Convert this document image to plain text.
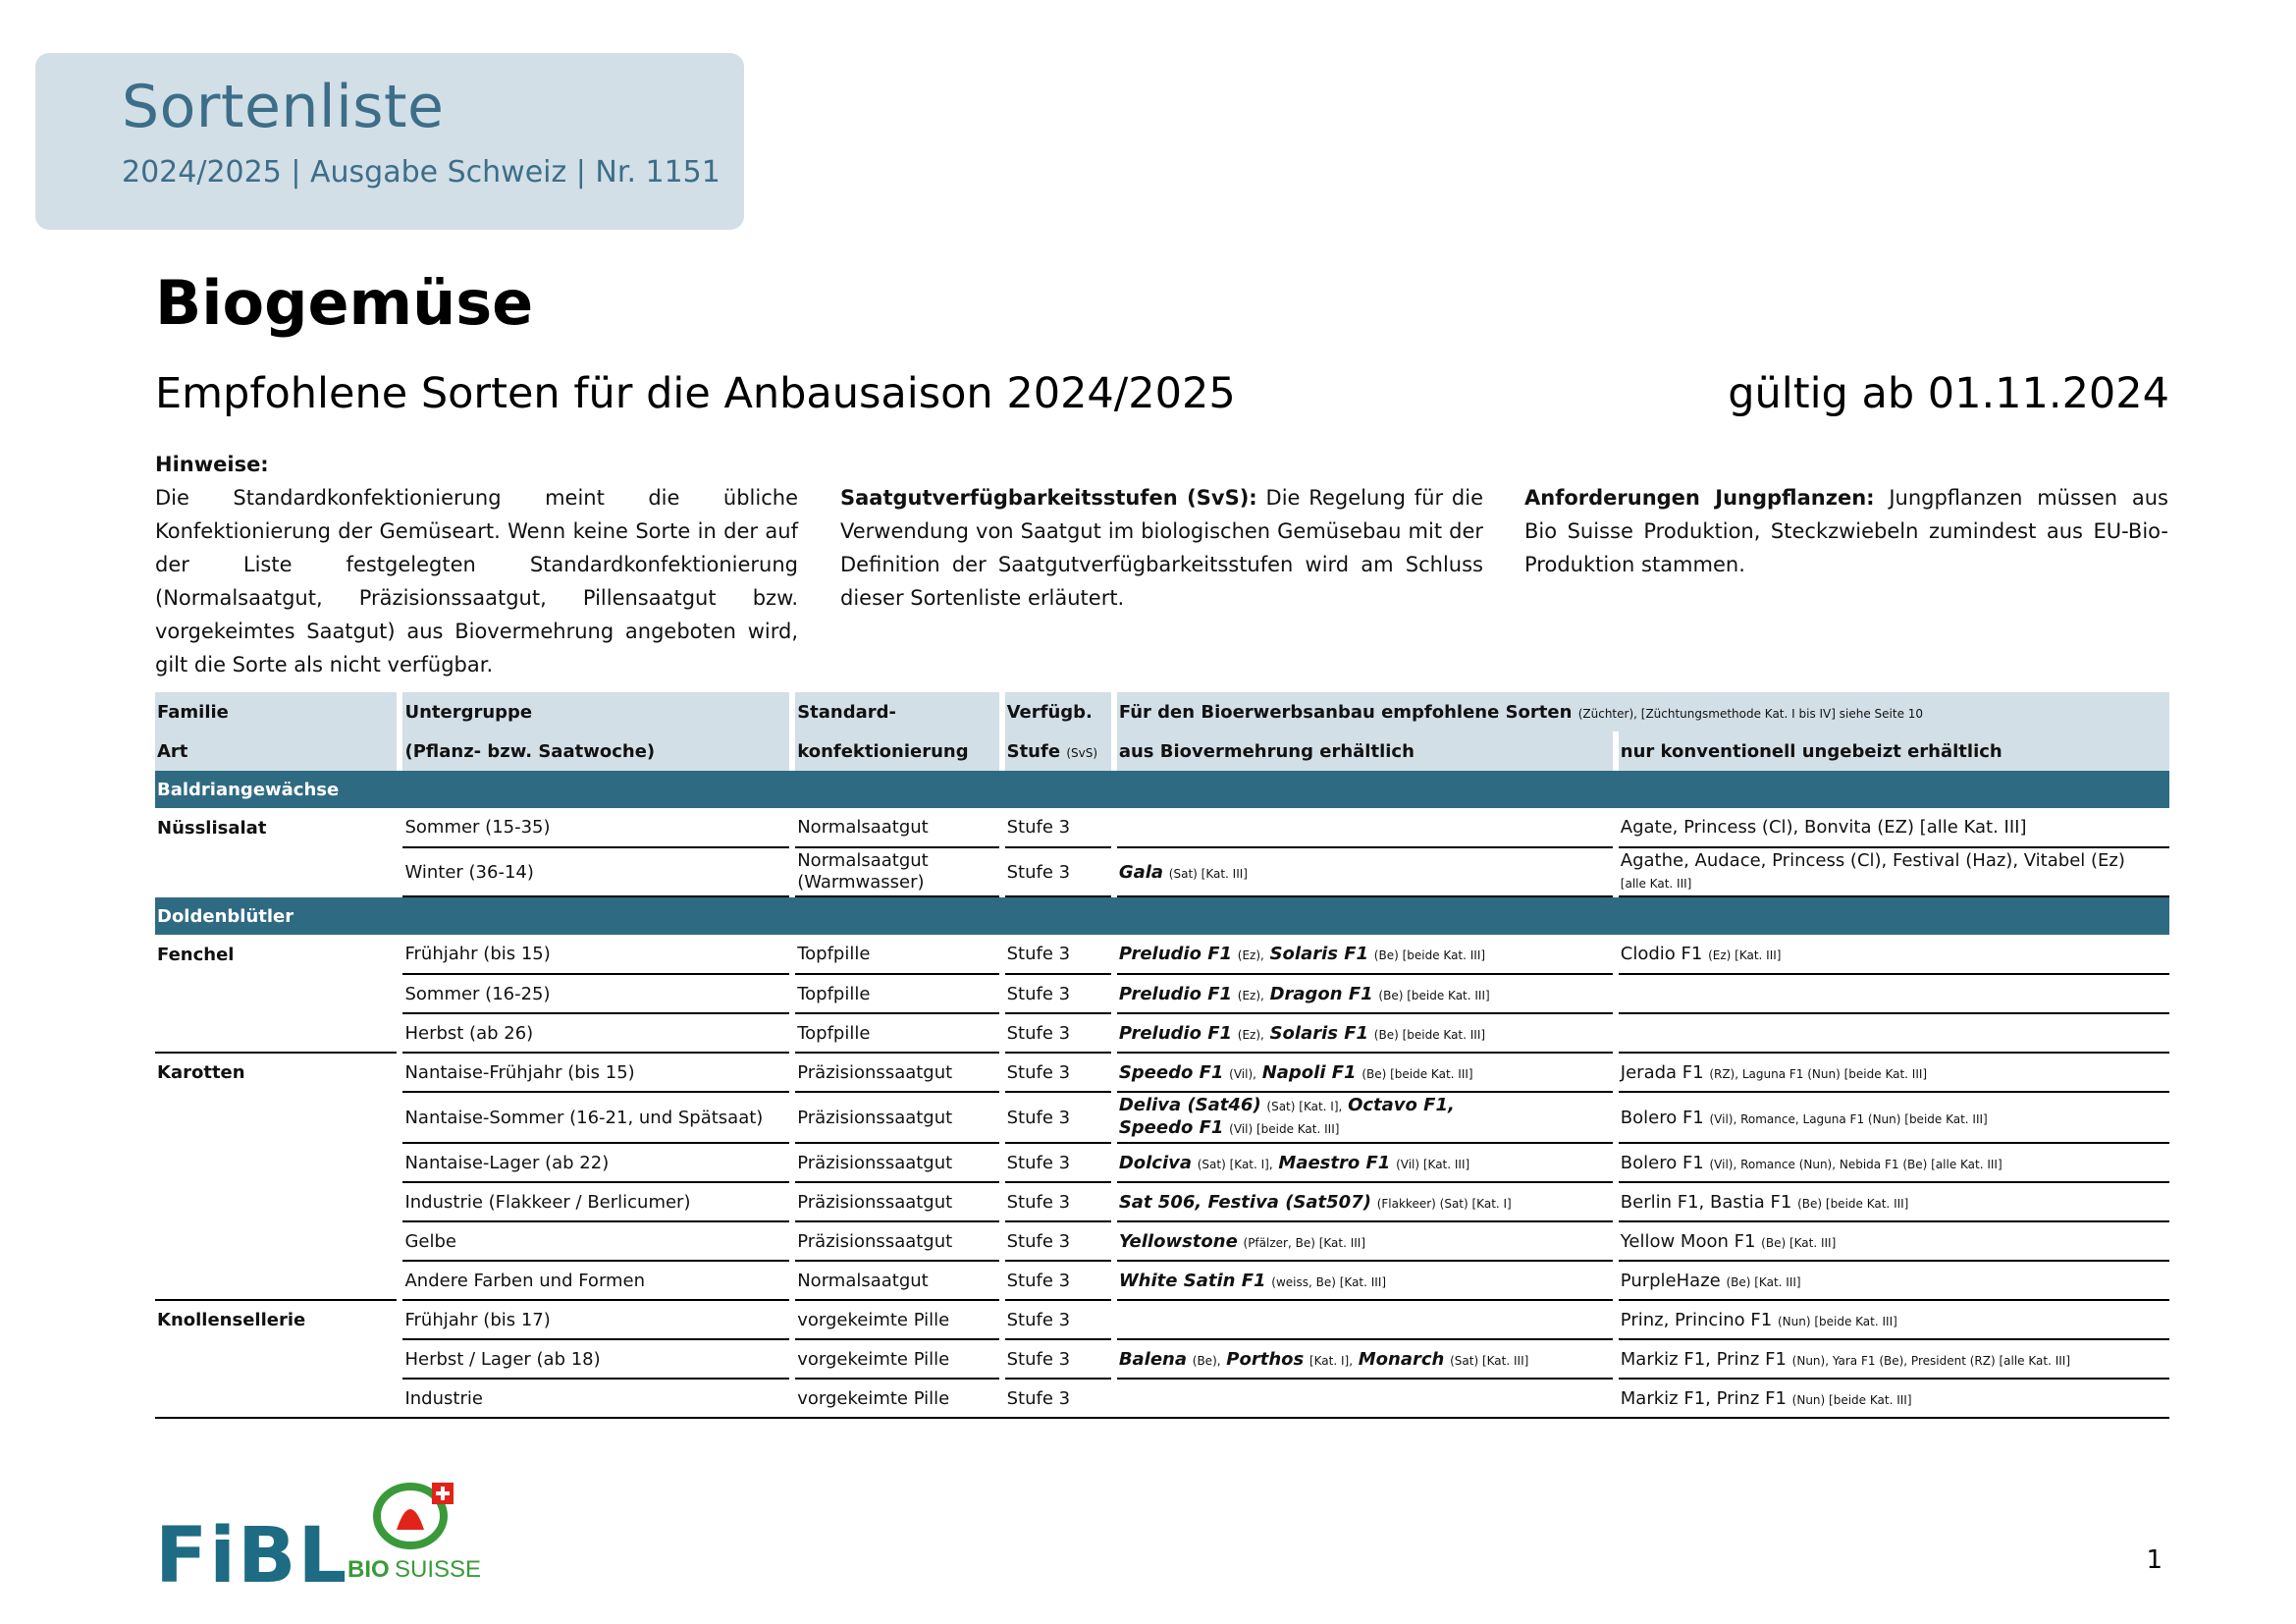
Sortenliste
2024/2025 | Ausgabe Schweiz | Nr. 1151
Biogemüse
Empfohlene Sorten für die Anbausaison 2024/2025	gültig ab 01.11.2024
Hinweise:
Die Standardkonfektionierung meint die übliche Konfektionierung der Gemüseart. Wenn keine Sorte in der auf der Liste festgelegten Standardkonfektionierung (Normalsaatgut, Präzisionssaatgut, Pillensaatgut bzw. vorgekeimtes Saatgut) aus Biovermehrung angeboten wird, gilt die Sorte als nicht verfügbar.
Saatgutverfügbarkeitsstufen (SvS): Die Regelung für die Verwendung von Saatgut im biologischen Gemüsebau mit der Definition der Saatgutverfügbarkeitsstufen wird am Schluss dieser Sortenliste erläutert.
Anforderungen Jungpflanzen: Jungpflanzen müssen aus Bio Suisse Produktion, Steckzwiebeln zumindest aus EU-Bio-Produktion stammen.
Familie		Untergruppe		Standard-		Verfügb.		Für den Bioerwerbsanbau empfohlene Sorten (Züchter), [Züchtungsmethode Kat. I bis IV] siehe Seite 10		
Art		(Pflanz- bzw. Saatwoche)		konfektionierung		Stufe (SvS)		aus Biovermehrung erhältlich		nur konventionell ungebeizt erhältlich
Baldriangewächse										
Nüsslisalat		Sommer (15-35)		Normalsaatgut		Stufe 3				Agate, Princess (Cl), Bonvita (EZ) [alle Kat. III]
		Winter (36-14)		Normalsaatgut (Warmwasser)		Stufe 3		Gala (Sat) [Kat. III]		Agathe, Audace, Princess (Cl), Festival (Haz), Vitabel (Ez)
[alle Kat. III]
Doldenblütler										
Fenchel		Frühjahr (bis 15)		Topfpille		Stufe 3		Preludio F1 (Ez), Solaris F1 (Be) [beide Kat. III]		Clodio F1 (Ez) [Kat. III]
		Sommer (16-25)		Topfpille		Stufe 3		Preludio F1 (Ez), Dragon F1 (Be) [beide Kat. III]		
		Herbst (ab 26)		Topfpille		Stufe 3		Preludio F1 (Ez), Solaris F1 (Be) [beide Kat. III]		
Karotten		Nantaise-Frühjahr (bis 15)		Präzisionssaatgut		Stufe 3		Speedo F1 (Vil), Napoli F1 (Be) [beide Kat. III]		Jerada F1 (RZ), Laguna F1 (Nun) [beide Kat. III]
		Nantaise-Sommer (16-21, und Spätsaat)		Präzisionssaatgut		Stufe 3		Deliva (Sat46) (Sat) [Kat. I], Octavo F1,
Speedo F1 (Vil) [beide Kat. III]		Bolero F1 (Vil), Romance, Laguna F1 (Nun) [beide Kat. III]
		Nantaise-Lager (ab 22)		Präzisionssaatgut		Stufe 3		Dolciva (Sat) [Kat. I], Maestro F1 (Vil) [Kat. III]		Bolero F1 (Vil), Romance (Nun), Nebida F1 (Be) [alle Kat. III]
		Industrie (Flakkeer / Berlicumer)		Präzisionssaatgut		Stufe 3		Sat 506, Festiva (Sat507) (Flakkeer) (Sat) [Kat. I]		Berlin F1, Bastia F1 (Be) [beide Kat. III]
		Gelbe		Präzisionssaatgut		Stufe 3		Yellowstone (Pfälzer, Be) [Kat. III]		Yellow Moon F1 (Be) [Kat. III]
		Andere Farben und Formen		Normalsaatgut		Stufe 3		White Satin F1 (weiss, Be) [Kat. III]		PurpleHaze (Be) [Kat. III]
Knollensellerie		Frühjahr (bis 17)		vorgekeimte Pille		Stufe 3				Prinz, Princino F1 (Nun) [beide Kat. III]
		Herbst / Lager (ab 18)		vorgekeimte Pille		Stufe 3		Balena (Be), Porthos [Kat. I], Monarch (Sat) [Kat. III]		Markiz F1, Prinz F1 (Nun), Yara F1 (Be), President (RZ) [alle Kat. III]
		Industrie		vorgekeimte Pille		Stufe 3				Markiz F1, Prinz F1 (Nun) [beide Kat. III]
FiBL
BIO SUISSE	1
